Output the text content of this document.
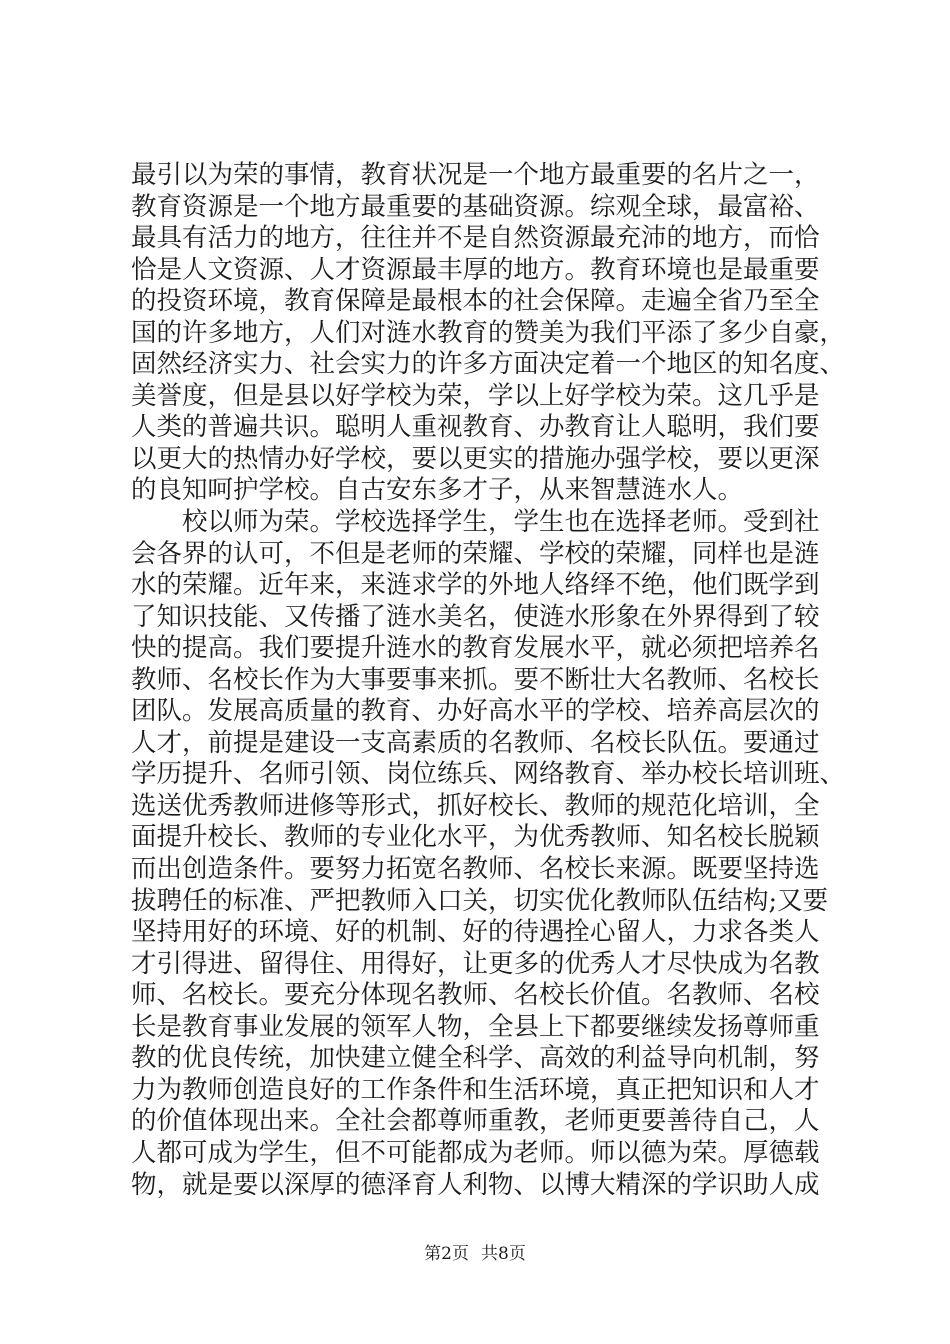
最引以为荣的事情，教育状况是一个地方最重要的名片之一，
教育资源是一个地方最重要的基础资源。综观全球，最富裕、
最具有活力的地方，往往并不是自然资源最充沛的地方，而恰
恰是人文资源、人才资源最丰厚的地方。教育环境也是最重要
的投资环境，教育保障是最根本的社会保障。走遍全省乃至全
国的许多地方，人们对涟水教育的赞美为我们平添了多少自豪，
固然经济实力、社会实力的许多方面决定着一个地区的知名度、
美誉度，但是县以好学校为荣，学以上好学校为荣。这几乎是
人类的普遍共识。聪明人重视教育、办教育让人聪明，我们要
以更大的热情办好学校，要以更实的措施办强学校，要以更深
的良知呵护学校。自古安东多才子，从来智慧涟水人。
校以师为荣。学校选择学生，学生也在选择老师。受到社
会各界的认可，不但是老师的荣耀、学校的荣耀，同样也是涟
水的荣耀。近年来，来涟求学的外地人络绎不绝，他们既学到
了知识技能、又传播了涟水美名，使涟水形象在外界得到了较
快的提高。我们要提升涟水的教育发展水平，就必须把培养名
教师、名校长作为大事要事来抓。要不断壮大名教师、名校长
团队。发展高质量的教育、办好高水平的学校、培养高层次的
人才，前提是建设一支高素质的名教师、名校长队伍。要通过
学历提升、名师引领、岗位练兵、网络教育、举办校长培训班、
选送优秀教师进修等形式，抓好校长、教师的规范化培训，全
面提升校长、教师的专业化水平，为优秀教师、知名校长脱颖
而出创造条件。要努力拓宽名教师、名校长来源。既要坚持选
拔聘任的标准、严把教师入口关，切实优化教师队伍结构;又要
坚持用好的环境、好的机制、好的待遇拴心留人，力求各类人
才引得进、留得住、用得好，让更多的优秀人才尽快成为名教
师、名校长。要充分体现名教师、名校长价值。名教师、名校
长是教育事业发展的领军人物，全县上下都要继续发扬尊师重
教的优良传统，加快建立健全科学、高效的利益导向机制，努
力为教师创造良好的工作条件和生活环境，真正把知识和人才
的价值体现出来。全社会都尊师重教，老师更要善待自己，人
人都可成为学生，但不可能都成为老师。师以德为荣。厚德载
物，就是要以深厚的德泽育人利物、以博大精深的学识助人成
第2页 共8页
